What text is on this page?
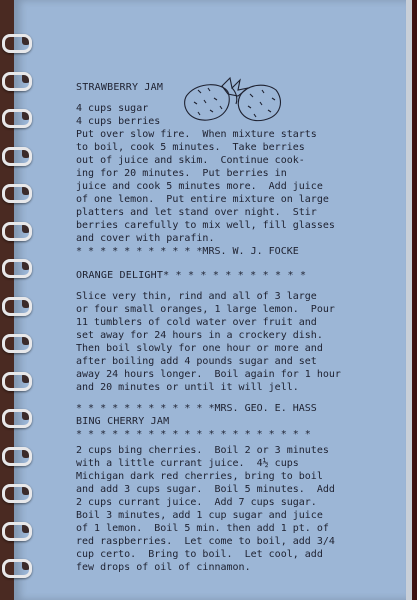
STRAWBERRY JAM
4 cups sugar
4 cups berries
Put over slow fire.  When mixture starts
to boil, cook 5 minutes.  Take berries
out of juice and skim.  Continue cook-
ing for 20 minutes.  Put berries in
juice and cook 5 minutes more.  Add juice
of one lemon.  Put entire mixture on large
platters and let stand over night.  Stir
berries carefully to mix well, fill glasses
and cover with parafin.
* * * * * * * * * * *MRS. W. J. FOCKE
ORANGE DELIGHT* * * * * * * * * * * *
Slice very thin, rind and all of 3 large
or four small oranges, 1 large lemon.  Pour
11 tumblers of cold water over fruit and
set away for 24 hours in a crockery dish.
Then boil slowly for one hour or more and
after boiling add 4 pounds sugar and set
away 24 hours longer.  Boil again for 1 hour
and 20 minutes or until it will jell.
* * * * * * * * * * * *MRS. GEO. E. HASS
BING CHERRY JAM
* * * * * * * * * * * * * * * * * * * *
2 cups bing cherries.  Boil 2 or 3 minutes
with a little currant juice.  4½ cups
Michigan dark red cherries, bring to boil
and add 3 cups sugar.  Boil 5 minutes.  Add
2 cups currant juice.  Add 7 cups sugar.
Boil 3 minutes, add 1 cup sugar and juice
of 1 lemon.  Boil 5 min. then add 1 pt. of
red raspberries.  Let come to boil, add 3/4
cup certo.  Bring to boil.  Let cool, add
few drops of oil of cinnamon.
